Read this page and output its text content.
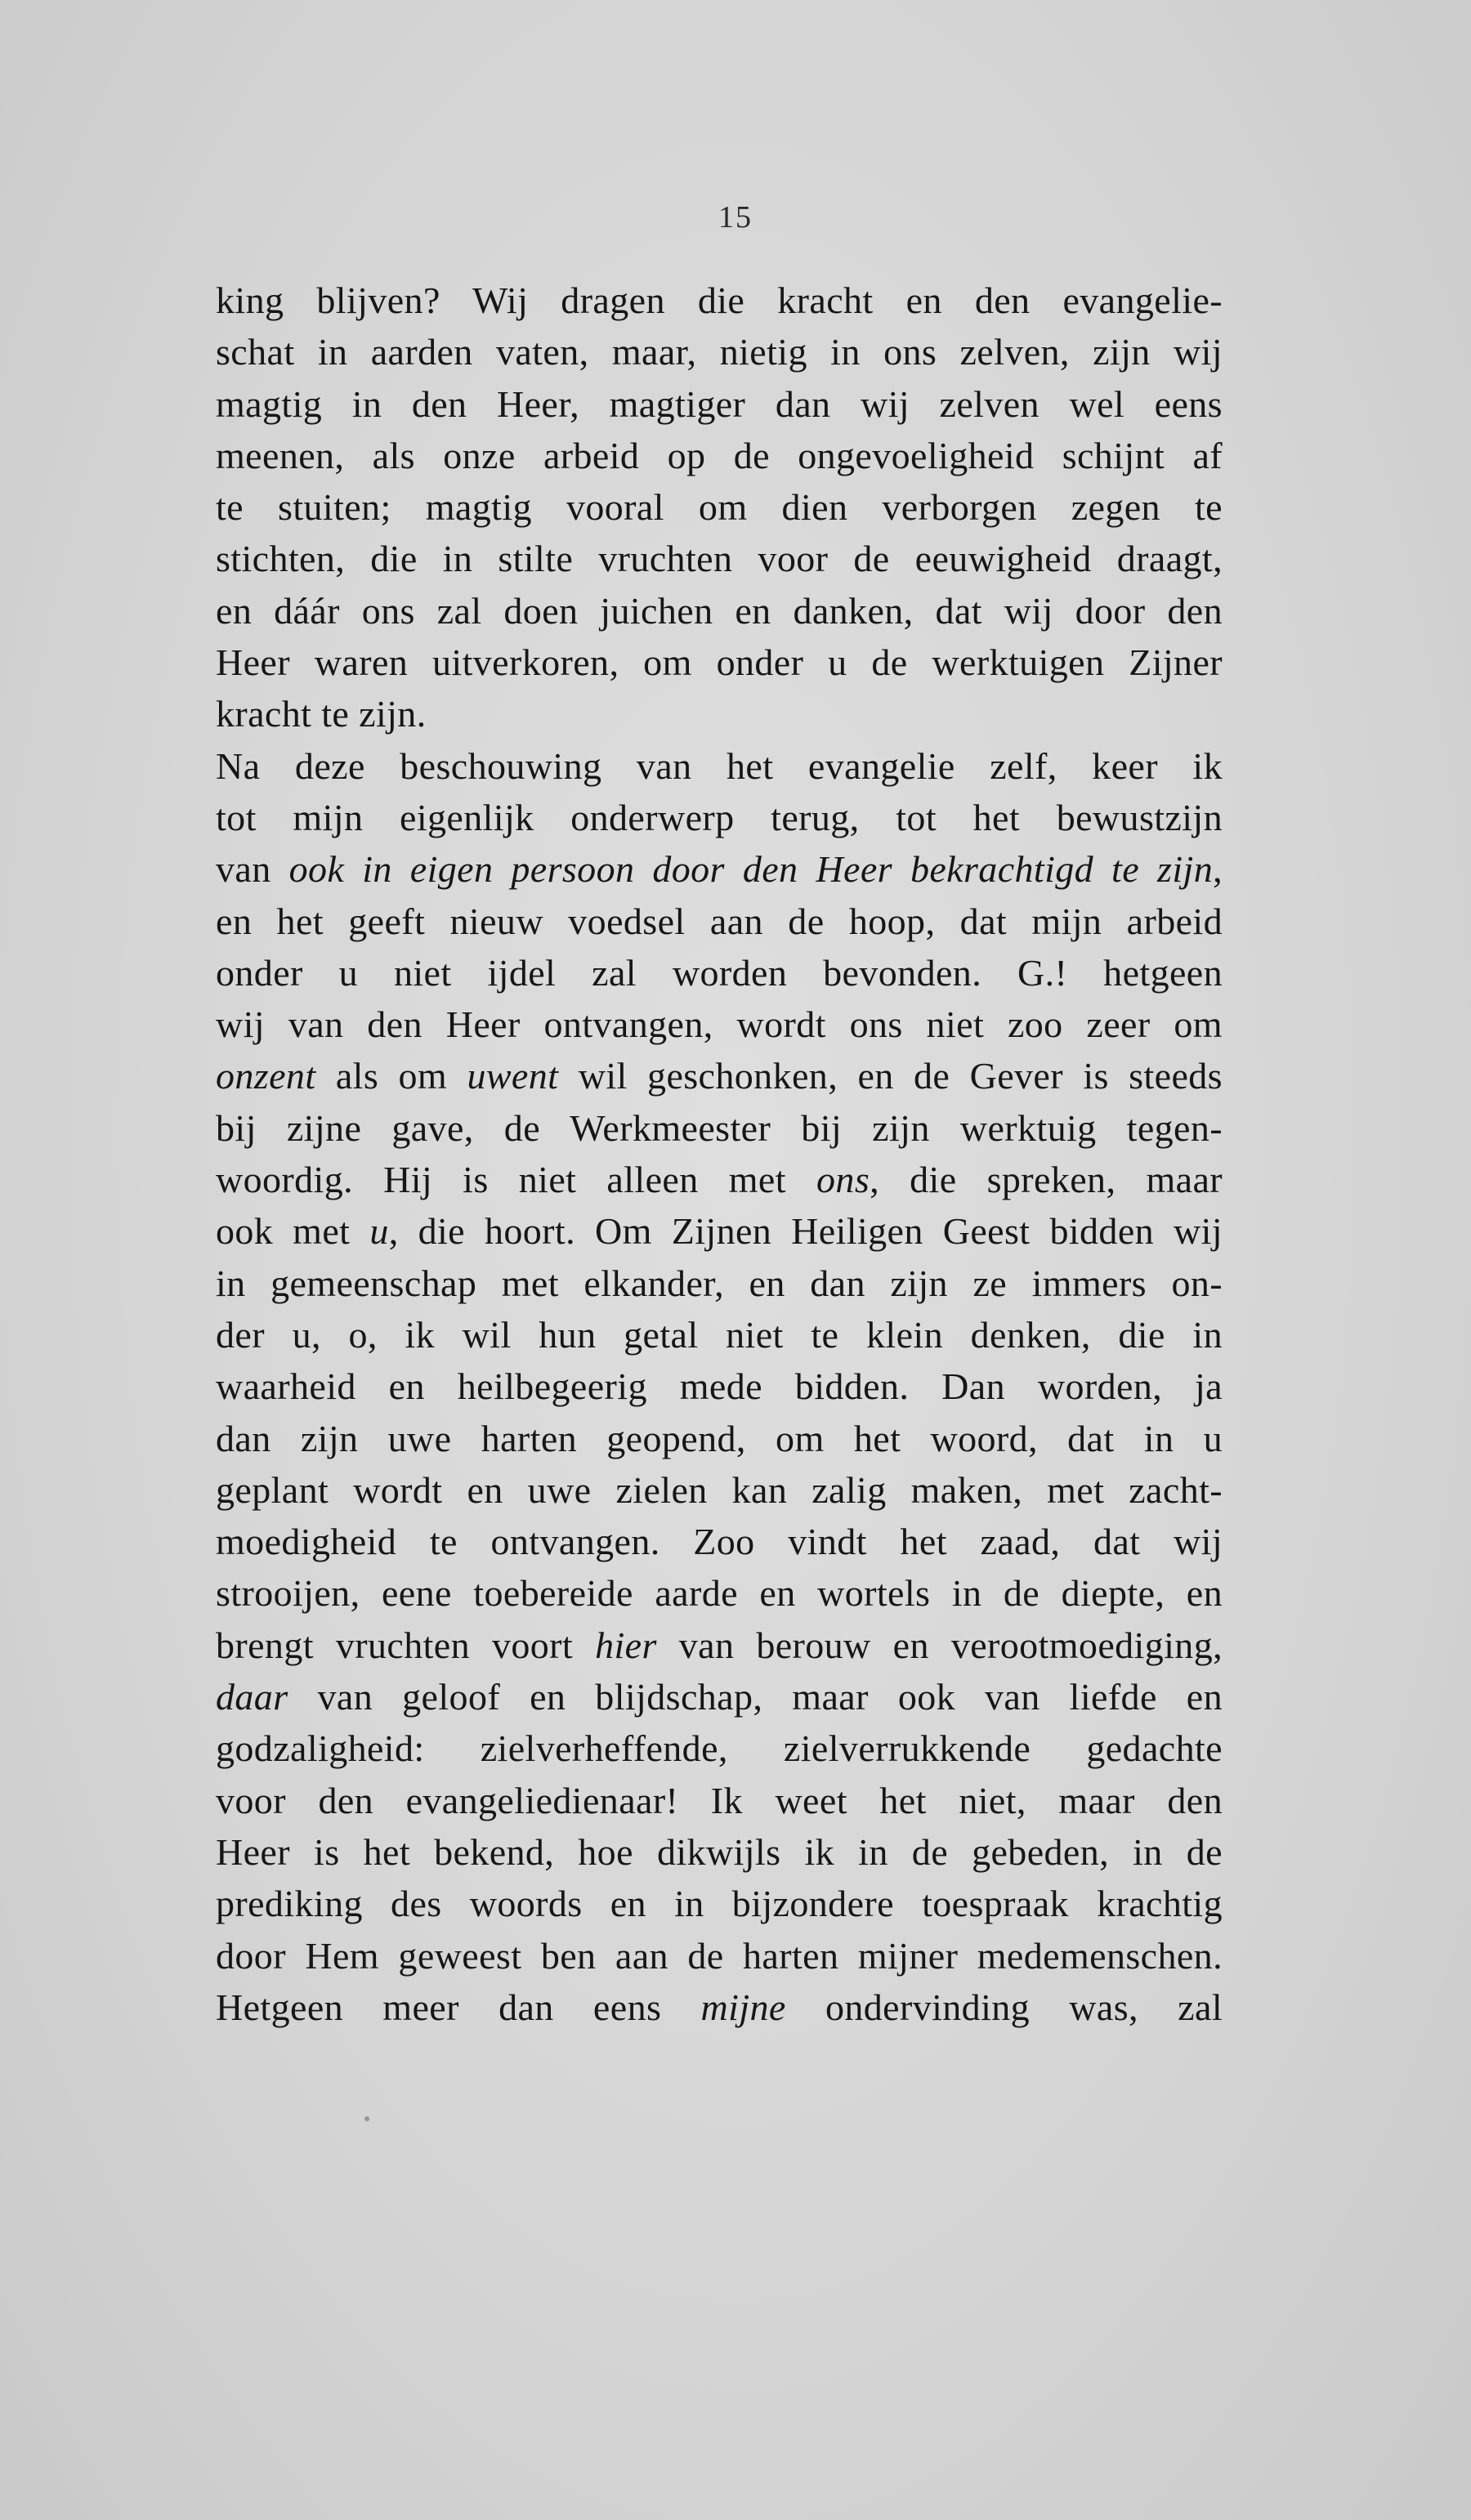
15
king blijven? Wij dragen die kracht en den evangelie-
schat in aarden vaten, maar, nietig in ons zelven, zijn wij
magtig in den Heer, magtiger dan wij zelven wel eens
meenen, als onze arbeid op de ongevoeligheid schijnt af
te stuiten; magtig vooral om dien verborgen zegen te
stichten, die in stilte vruchten voor de eeuwigheid draagt,
en dáár ons zal doen juichen en danken, dat wij door den
Heer waren uitverkoren, om onder u de werktuigen Zijner
kracht te zijn.
Na deze beschouwing van het evangelie zelf, keer ik
tot mijn eigenlijk onderwerp terug, tot het bewustzijn
van ook in eigen persoon door den Heer bekrachtigd te zijn,
en het geeft nieuw voedsel aan de hoop, dat mijn arbeid
onder u niet ijdel zal worden bevonden. G.! hetgeen
wij van den Heer ontvangen, wordt ons niet zoo zeer om
onzent als om uwent wil geschonken, en de Gever is steeds
bij zijne gave, de Werkmeester bij zijn werktuig tegen-
woordig. Hij is niet alleen met ons, die spreken, maar
ook met u, die hoort. Om Zijnen Heiligen Geest bidden wij
in gemeenschap met elkander, en dan zijn ze immers on-
der u, o, ik wil hun getal niet te klein denken, die in
waarheid en heilbegeerig mede bidden. Dan worden, ja
dan zijn uwe harten geopend, om het woord, dat in u
geplant wordt en uwe zielen kan zalig maken, met zacht-
moedigheid te ontvangen. Zoo vindt het zaad, dat wij
strooijen, eene toebereide aarde en wortels in de diepte, en
brengt vruchten voort hier van berouw en verootmoediging,
daar van geloof en blijdschap, maar ook van liefde en
godzaligheid: zielverheffende, zielverrukkende gedachte
voor den evangeliedienaar! Ik weet het niet, maar den
Heer is het bekend, hoe dikwijls ik in de gebeden, in de
prediking des woords en in bijzondere toespraak krachtig
door Hem geweest ben aan de harten mijner medemenschen.
Hetgeen meer dan eens mijne ondervinding was, zal
